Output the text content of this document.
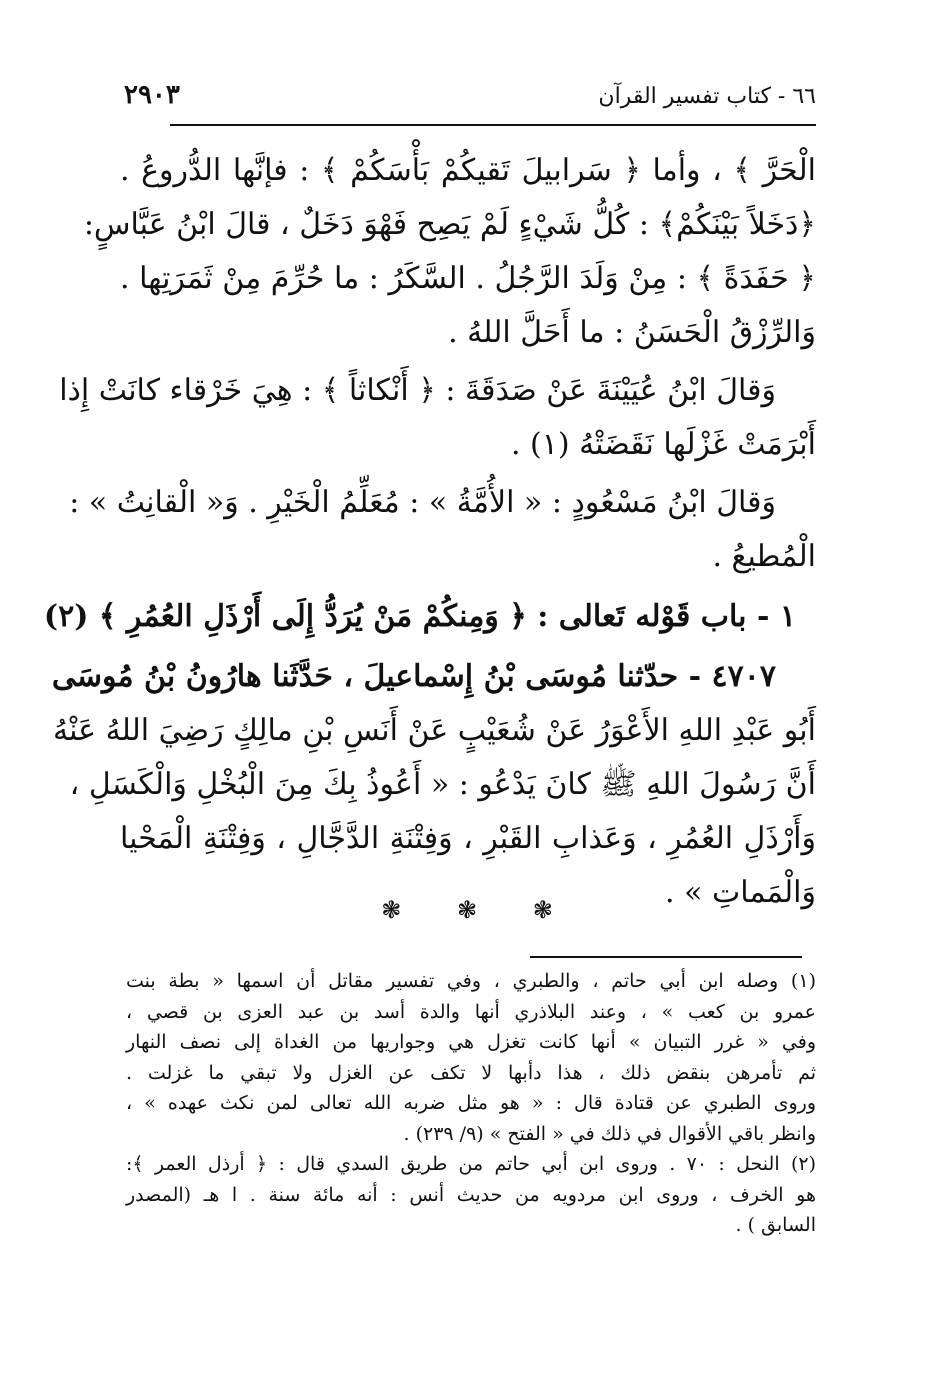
٦٦ - كتاب تفسير القرآن
٢٩٠٣
الْحَرَّ ﴾ ، وأما ﴿ سَرابيلَ تَقيكُمْ بَأْسَكُمْ ﴾ : فإنَّها الدُّروعُ .
﴿دَخَلاً بَيْنَكُمْ﴾ : كُلُّ شَيْءٍ لَمْ يَصِح فَهْوَ دَخَلٌ ، قالَ ابْنُ عَبَّاسٍ:
﴿ حَفَدَةً ﴾ : مِنْ وَلَدَ الرَّجُلُ . السَّكَرُ : ما حُرِّمَ مِنْ ثَمَرَتِها .
وَالرِّزْقُ الْحَسَنُ : ما أَحَلَّ اللهُ .
وَقالَ ابْنُ عُيَيْنَةَ عَنْ صَدَقَةَ : ﴿ أَنْكاثاً ﴾ : هِيَ خَرْقاء كانَتْ إِذا
أَبْرَمَتْ غَزْلَها نَقَضَتْهُ (١) .
وَقالَ ابْنُ مَسْعُودٍ : « الأُمَّةُ » : مُعَلِّمُ الْخَيْرِ . وَ« الْقانِتُ » :
الْمُطيعُ .
١ - باب قَوْله تَعالى : ﴿ وَمِنكُمْ مَنْ يُرَدُّ إِلَى أَرْذَلِ العُمُرِ ﴾ (٢)
٤٧٠٧ - حدّثنا مُوسَى بْنُ إِسْماعيلَ ، حَدَّثَنا هارُونُ بْنُ مُوسَى
أَبُو عَبْدِ اللهِ الأَعْوَرُ عَنْ شُعَيْبٍ عَنْ أَنَسِ بْنِ مالِكٍ رَضِيَ اللهُ عَنْهُ
أَنَّ رَسُولَ اللهِ ﷺ كانَ يَدْعُو : « أَعُوذُ بِكَ مِنَ الْبُخْلِ وَالْكَسَلِ ،
وَأَرْذَلِ العُمُرِ ، وَعَذابِ القَبْرِ ، وَفِتْنَةِ الدَّجَّالِ ، وَفِتْنَةِ الْمَحْيا
وَالْمَماتِ » .
❃ ❃ ❃
(١) وصله ابن أبي حاتم ، والطبري ، وفي تفسير مقاتل أن اسمها « بطة بنت
عمرو بن كعب » ، وعند البلاذري أنها والدة أسد بن عبد العزى بن قصي ،
وفي « غرر التبيان » أنها كانت تغزل هي وجواريها من الغداة إلى نصف النهار
ثم تأمرهن بنقض ذلك ، هذا دأبها لا تكف عن الغزل ولا تبقي ما غزلت .
وروى الطبري عن قتادة قال : « هو مثل ضربه الله تعالى لمن نكث عهده » ،
وانظر باقي الأقوال في ذلك في « الفتح » (٩/ ٢٣٩) .
(٢) النحل : ٧٠ . وروى ابن أبي حاتم من طريق السدي قال : ﴿ أرذل العمر ﴾:
هو الخرف ، وروى ابن مردويه من حديث أنس : أنه مائة سنة . ا هـ (المصدر
السابق ) .
